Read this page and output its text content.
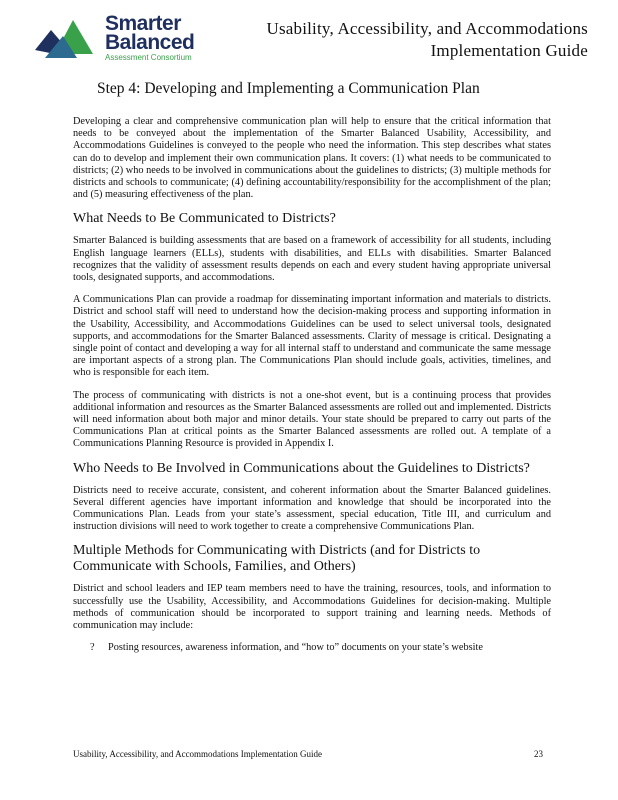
Smarter
Balanced
Assessment Consortium
Usability, Accessibility, and Accommodations
Implementation Guide
Step 4: Developing and Implementing a Communication Plan

Developing a clear and comprehensive communication plan will help to ensure that the critical information that needs to be conveyed about the implementation of the Smarter Balanced Usability, Accessibility, and Accommodations Guidelines is conveyed to the people who need the information. This step describes what states can do to develop and implement their own communication plans. It covers: (1) what needs to be communicated to districts; (2) who needs to be involved in communications about the guidelines to districts; (3) multiple methods for districts and schools to communicate; (4) defining accountability/responsibility for the accomplishment of the plan; and (5) measuring effectiveness of the plan.

What Needs to Be Communicated to Districts?

Smarter Balanced is building assessments that are based on a framework of accessibility for all students, including English language learners (ELLs), students with disabilities, and ELLs with disabilities. Smarter Balanced recognizes that the validity of assessment results depends on each and every student having appropriate universal tools, designated supports, and accommodations.

A Communications Plan can provide a roadmap for disseminating important information and materials to districts. District and school staff will need to understand how the decision-making process and supporting information in the Usability, Accessibility, and Accommodations Guidelines can be used to select universal tools, designated supports, and accommodations for the Smarter Balanced assessments. Clarity of message is critical. Designating a single point of contact and developing a way for all internal staff to understand and communicate the same message are important aspects of a strong plan. The Communications Plan should include goals, activities, timelines, and who is responsible for each item.

The process of communicating with districts is not a one-shot event, but is a continuing process that provides additional information and resources as the Smarter Balanced assessments are rolled out and implemented. Districts will need information about both major and minor details. Your state should be prepared to carry out parts of the Communications Plan at critical points as the Smarter Balanced assessments are rolled out. A template of a Communications Planning Resource is provided in Appendix I.

Who Needs to Be Involved in Communications about the Guidelines to Districts?

Districts need to receive accurate, consistent, and coherent information about the Smarter Balanced guidelines. Several different agencies have important information and knowledge that should be incorporated into the Communications Plan. Leads from your state’s assessment, special education, Title III, and curriculum and instruction divisions will need to work together to create a comprehensive Communications Plan.

Multiple Methods for Communicating with Districts (and for Districts to Communicate with Schools, Families, and Others)

District and school leaders and IEP team members need to have the training, resources, tools, and information to successfully use the Usability, Accessibility, and Accommodations Guidelines for decision-making. Multiple methods of communication should be incorporated to support training and learning needs. Methods of communication may include:

? Posting resources, awareness information, and “how to” documents on your state’s website
Usability, Accessibility, and Accommodations Implementation Guide	23
